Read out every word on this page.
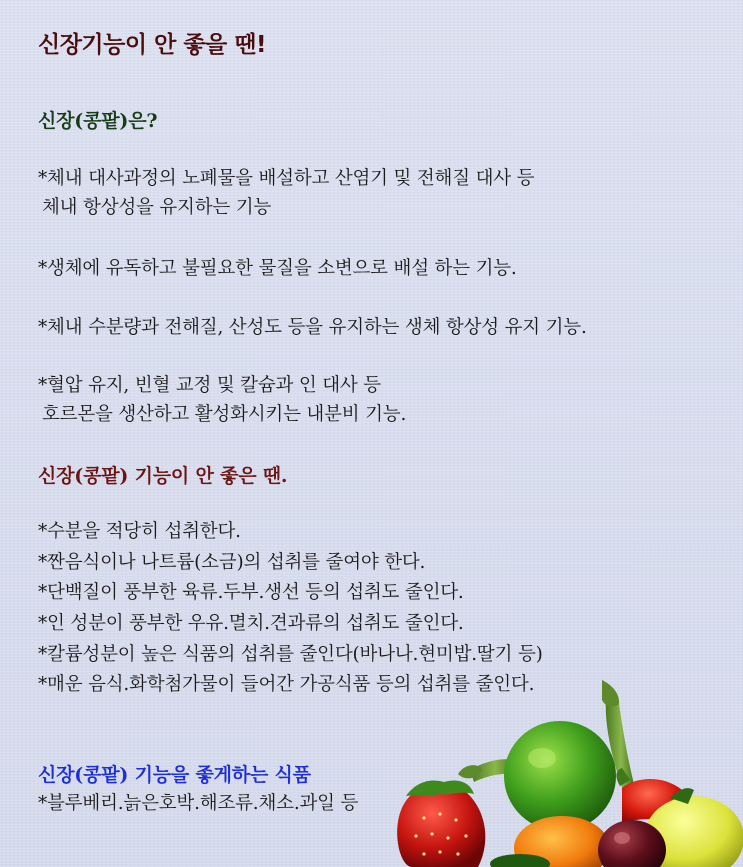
신장기능이 안 좋을 땐!
신장(콩팥)은?
*체내 대사과정의 노폐물을 배설하고 산염기 및 전해질 대사 등
체내 항상성을 유지하는 기능
*생체에 유독하고 불필요한 물질을 소변으로 배설 하는 기능.
*체내 수분량과 전해질, 산성도 등을 유지하는 생체 항상성 유지 기능.
*혈압 유지, 빈혈 교정 및 칼슘과 인 대사 등
호르몬을 생산하고 활성화시키는 내분비 기능.
신장(콩팥) 기능이 안 좋은 땐.
*수분을 적당히 섭취한다.
*짠음식이나 나트륨(소금)의 섭취를 줄여야 한다.
*단백질이 풍부한 육류.두부.생선 등의 섭취도 줄인다.
*인 성분이 풍부한 우유.멸치.견과류의 섭취도 줄인다.
*칼륨성분이 높은 식품의 섭취를 줄인다(바나나.현미밥.딸기 등)
*매운 음식.화학첨가물이 들어간 가공식품 등의 섭취를 줄인다.
신장(콩팥) 기능을 좋게하는 식품
*블루베리.늙은호박.해조류.채소.과일 등
